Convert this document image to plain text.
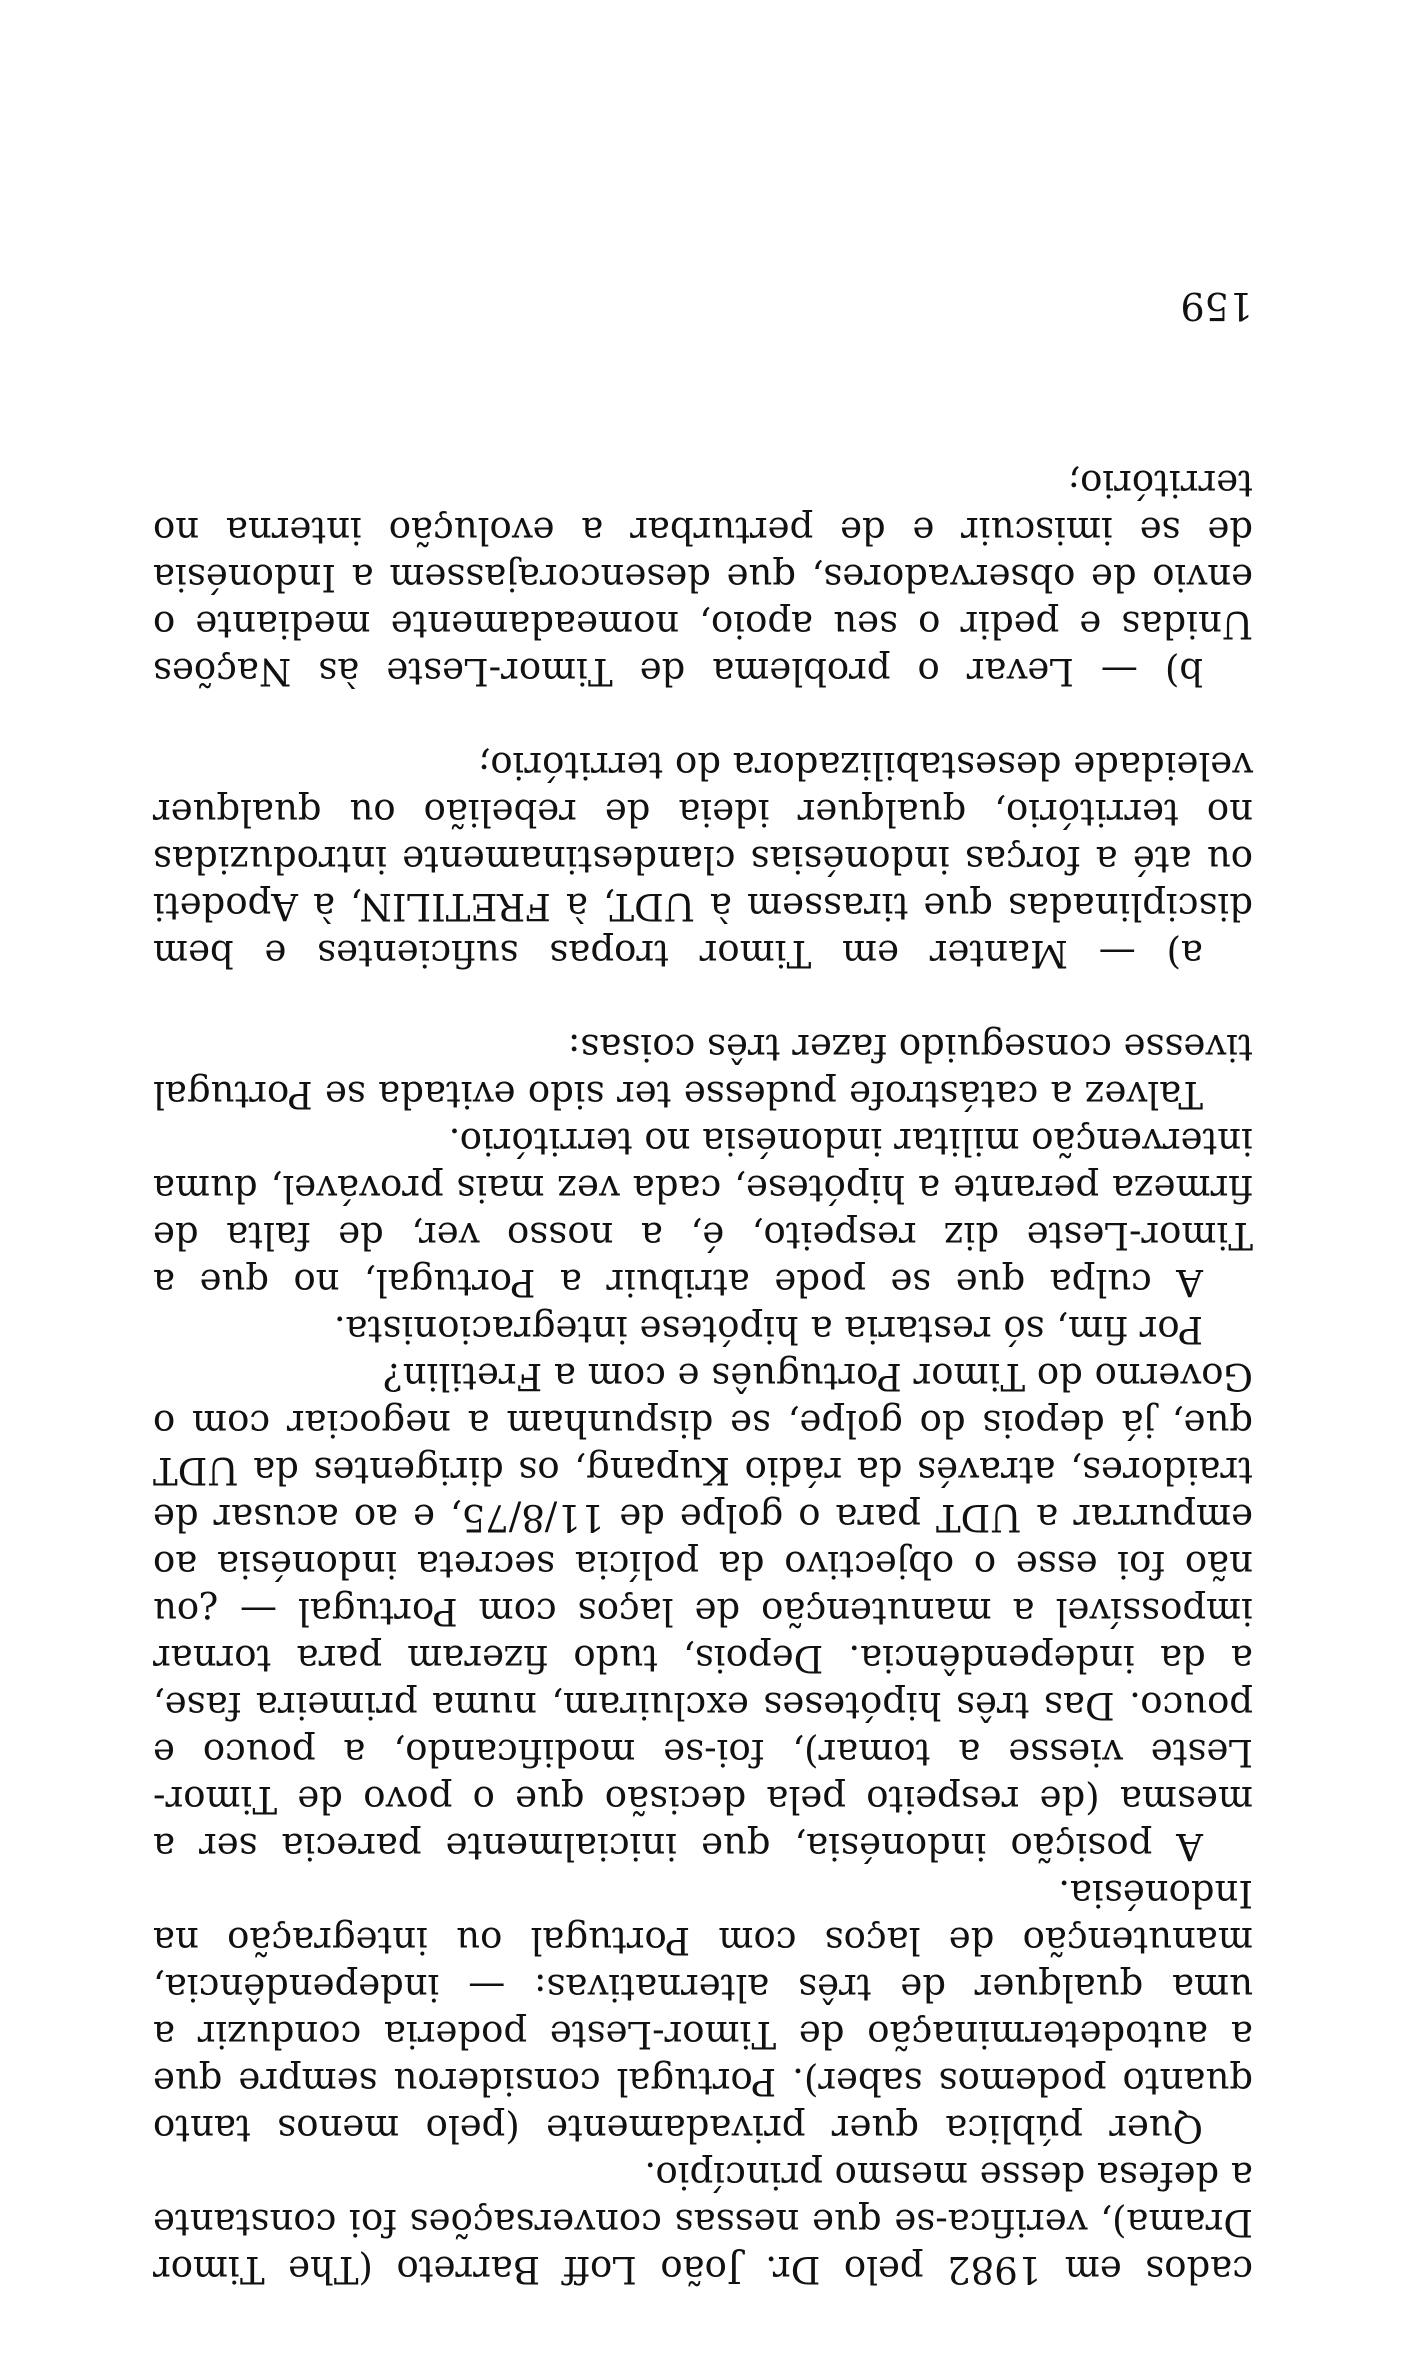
cados em 1982 pelo Dr. João Loff Barreto (The Timor Drama), verifica-se que nessas conversações foi constante a defesa desse mesmo princípio.

Quer pública quer privadamente (pelo menos tanto quanto podemos saber). Portugal considerou sempre que a autodeterminação de Timor-Leste poderia conduzir a uma qualquer de três alternativas: — independência, manutenção de laços com Portugal ou integração na Indonésia.

A posição indonésia, que inicialmente parecia ser a mesma (de respeito pela decisão que o povo de Timor-Leste viesse a tomar), foi-se modificando, a pouco e pouco. Das três hipóteses excluiram, numa primeira fase, a da independência. Depois, tudo fizeram para tornar impossível a manutenção de laços com Portugal — ¿ou não foi esse o objectivo da polícia secreta indonésia ao empurrar a UDT para o golpe de 11/8/75, e ao acusar de traidores, através da rádio Kupang, os dirigentes da UDT que, já depois do golpe, se dispunham a negociar com o Governo do Timor Português e com a Fretilin?

Por fim, só restaria a hipótese integracionista.

A culpa que se pode atribuir a Portugal, no que a Timor-Leste diz respeito, é, a nosso ver, de falta de firmeza perante a hipótese, cada vez mais provável, duma intervenção militar indonésia no território.

Talvez a catástrofe pudesse ter sido evitada se Portugal tivesse conseguido fazer três coisas:

a) — Manter em Timor tropas suficientes e bem disciplinadas que tirassem à UDT, à FRETILIN, à Apodeti ou até a forças indonésias clandestinamente introduzidas no território, qualquer ideia de rebelião ou qualquer veleidade desestabilizadora do território;

b) — Levar o problema de Timor-Leste às Nações Unidas e pedir o seu apoio, nomeadamente mediante o envio de observadores, que desencorajassem a Indonésia de se imiscuir e de perturbar a evolução interna no território;

159
